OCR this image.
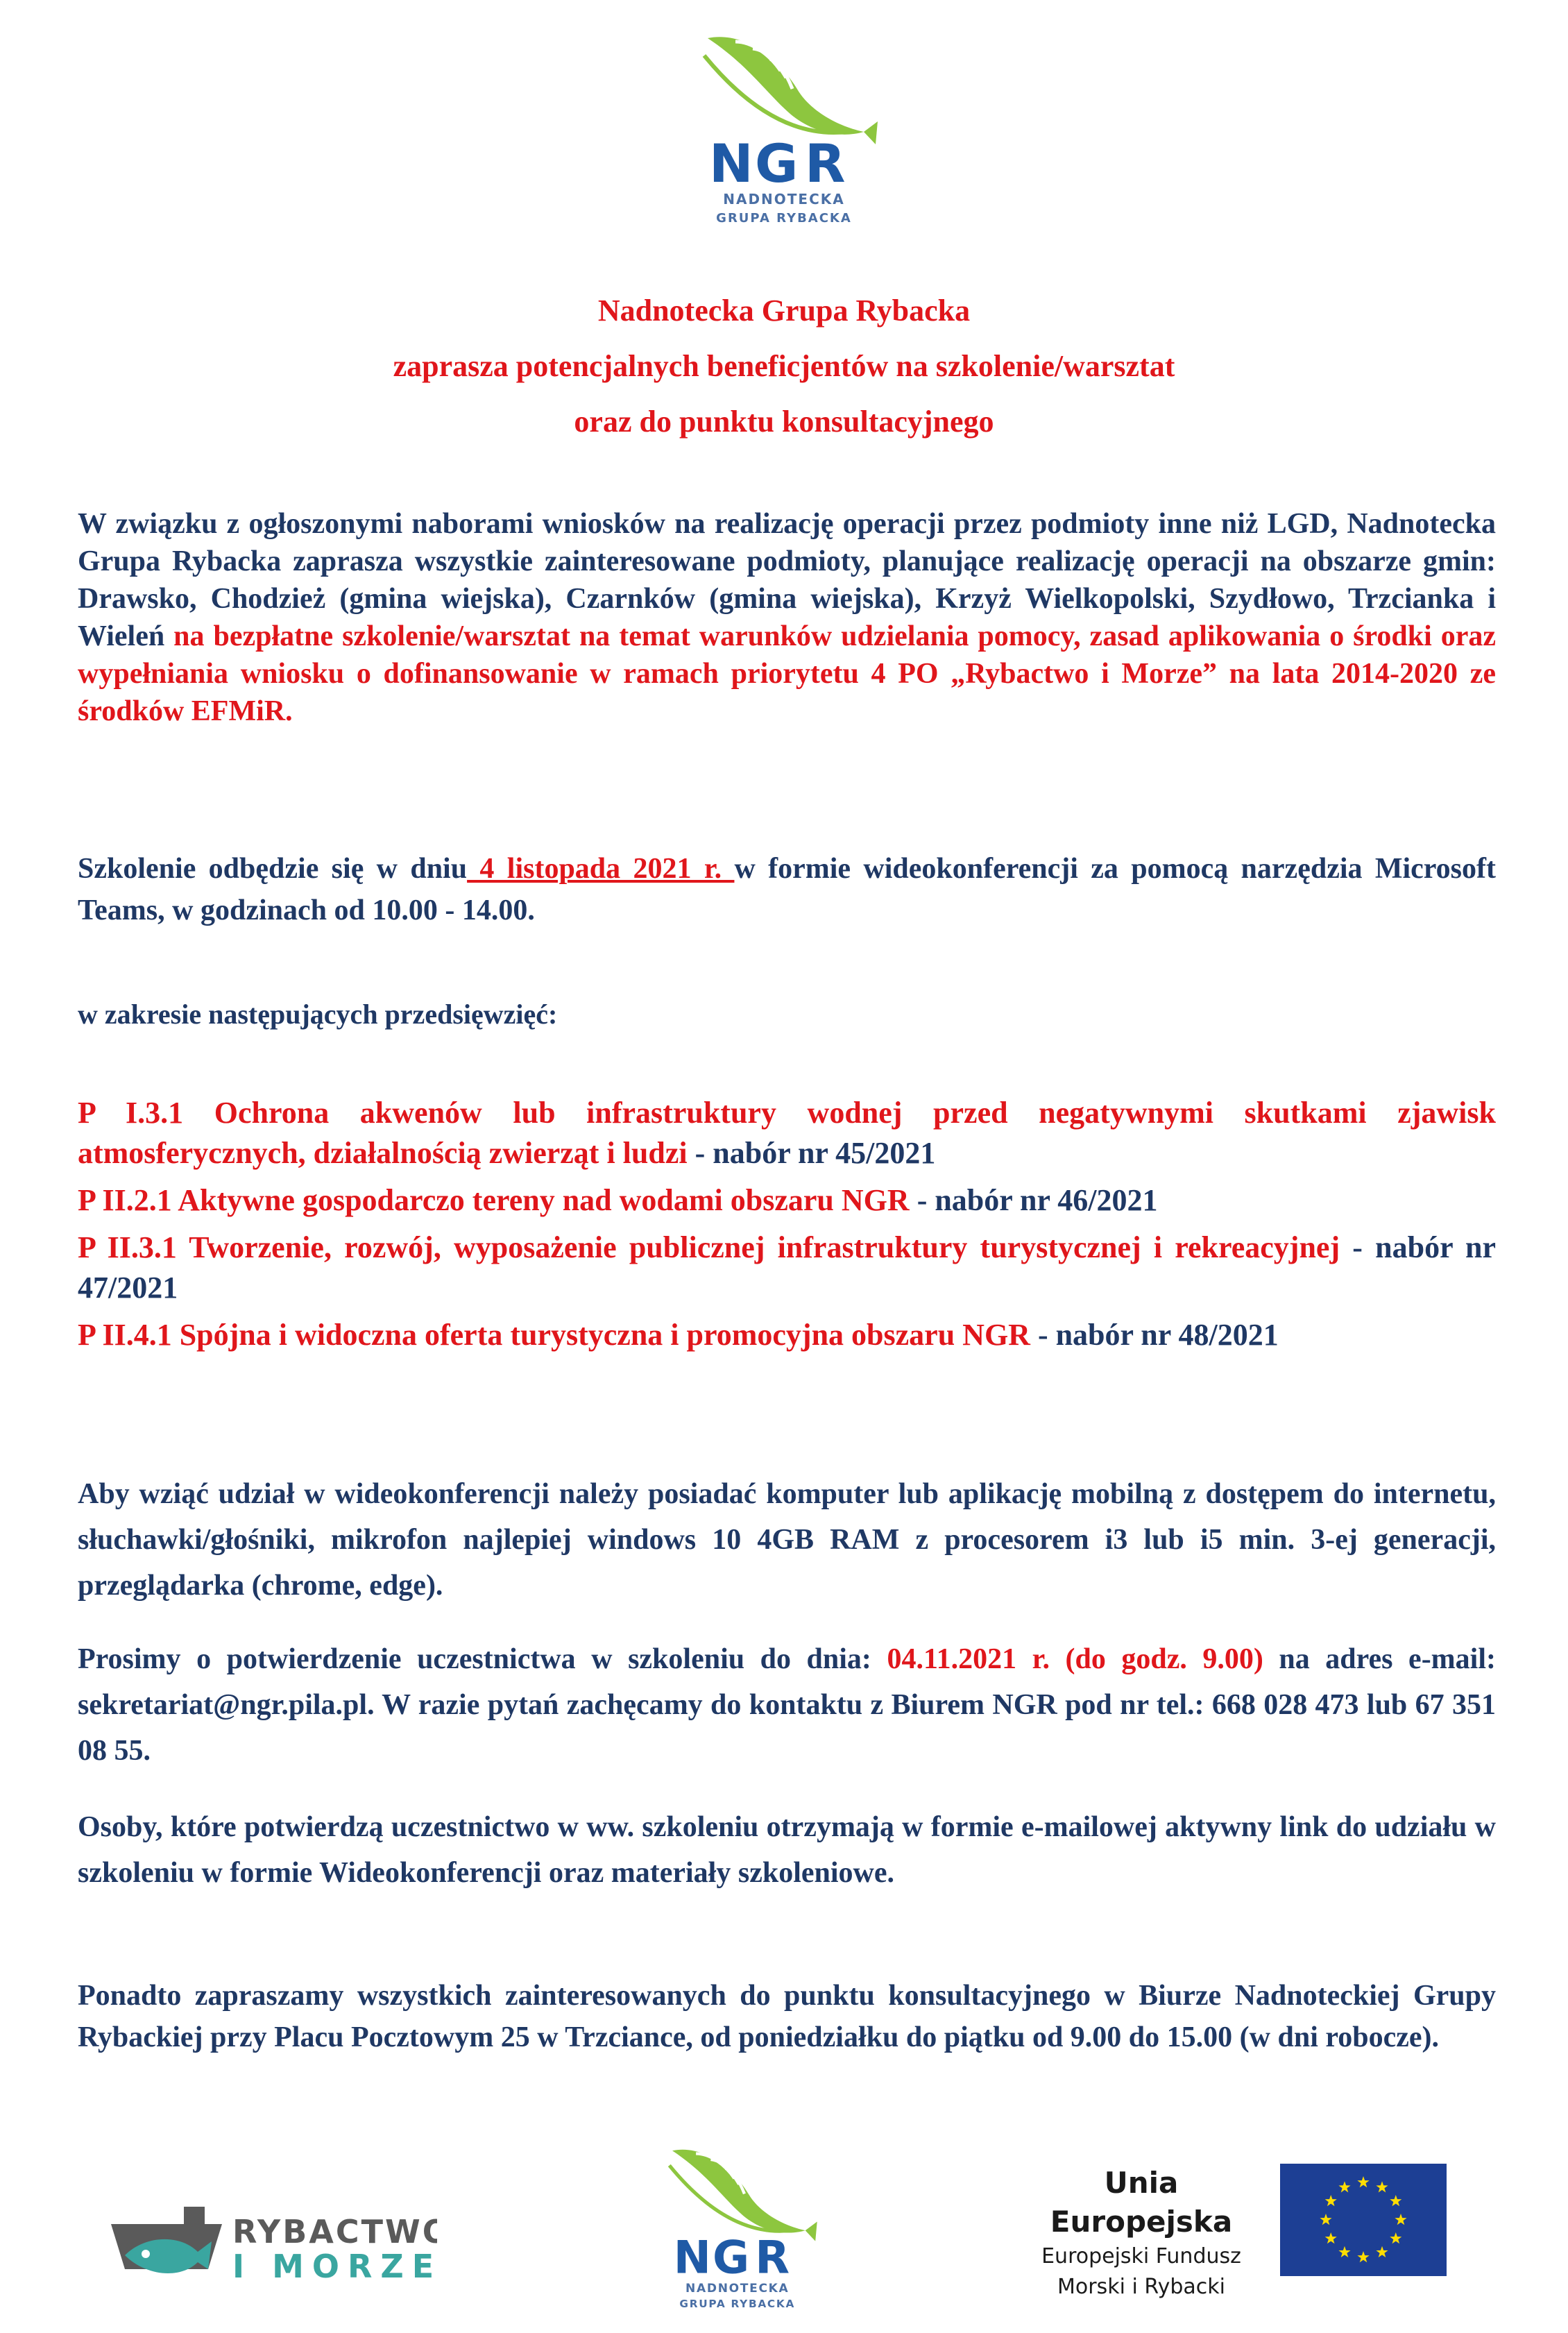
N G R
NADNOTECKA
GRUPA RYBACKA
Nadnotecka Grupa Rybacka
zaprasza potencjalnych beneficjentów na szkolenie/warsztat
oraz do punktu konsultacyjnego
W związku z ogłoszonymi naborami wniosków na realizację operacji przez podmioty inne niż LGD, Nadnotecka Grupa Rybacka zaprasza wszystkie zainteresowane podmioty, planujące realizację operacji na obszarze gmin: Drawsko, Chodzież (gmina wiejska), Czarnków (gmina wiejska), Krzyż Wielkopolski, Szydłowo, Trzcianka i Wieleń na bezpłatne szkolenie/warsztat na temat warunków udzielania pomocy, zasad aplikowania o środki oraz wypełniania wniosku o dofinansowanie w ramach priorytetu 4 PO „Rybactwo i Morze” na lata 2014-2020 ze środków EFMiR.
Szkolenie odbędzie się w dniu 4 listopada 2021 r. w formie wideokonferencji za pomocą narzędzia Microsoft Teams, w godzinach od 10.00 - 14.00.
w zakresie następujących przedsięwzięć:
P I.3.1 Ochrona akwenów lub infrastruktury wodnej przed negatywnymi skutkami zjawisk atmosferycznych, działalnością zwierząt i ludzi - nabór nr 45/2021
P II.2.1 Aktywne gospodarczo tereny nad wodami obszaru NGR - nabór nr 46/2021
P II.3.1 Tworzenie, rozwój, wyposażenie publicznej infrastruktury turystycznej i rekreacyjnej - nabór nr 47/2021
P II.4.1 Spójna i widoczna oferta turystyczna i promocyjna obszaru NGR - nabór nr 48/2021
Aby wziąć udział w wideokonferencji należy posiadać komputer lub aplikację mobilną z dostępem do internetu, słuchawki/głośniki, mikrofon najlepiej windows 10 4GB RAM z procesorem i3 lub i5 min. 3-ej generacji, przeglądarka (chrome, edge).
Prosimy o potwierdzenie uczestnictwa w szkoleniu do dnia: 04.11.2021 r. (do godz. 9.00) na adres e-mail: sekretariat@ngr.pila.pl. W razie pytań zachęcamy do kontaktu z Biurem NGR pod nr tel.: 668 028 473 lub 67 351 08 55.
Osoby, które potwierdzą uczestnictwo w ww. szkoleniu otrzymają w formie e-mailowej aktywny link do udziału w szkoleniu w formie Wideokonferencji oraz materiały szkoleniowe.
Ponadto zapraszamy wszystkich zainteresowanych do punktu konsultacyjnego w Biurze Nadnoteckiej Grupy Rybackiej przy Placu Pocztowym 25 w Trzciance, od poniedziałku do piątku od 9.00 do 15.00 (w dni robocze).
RYBACTWO
I MORZE	N G R
NADNOTECKA
GRUPA RYBACKA
Unia Europejska
Europejski Fundusz
Morski i Rybacki
